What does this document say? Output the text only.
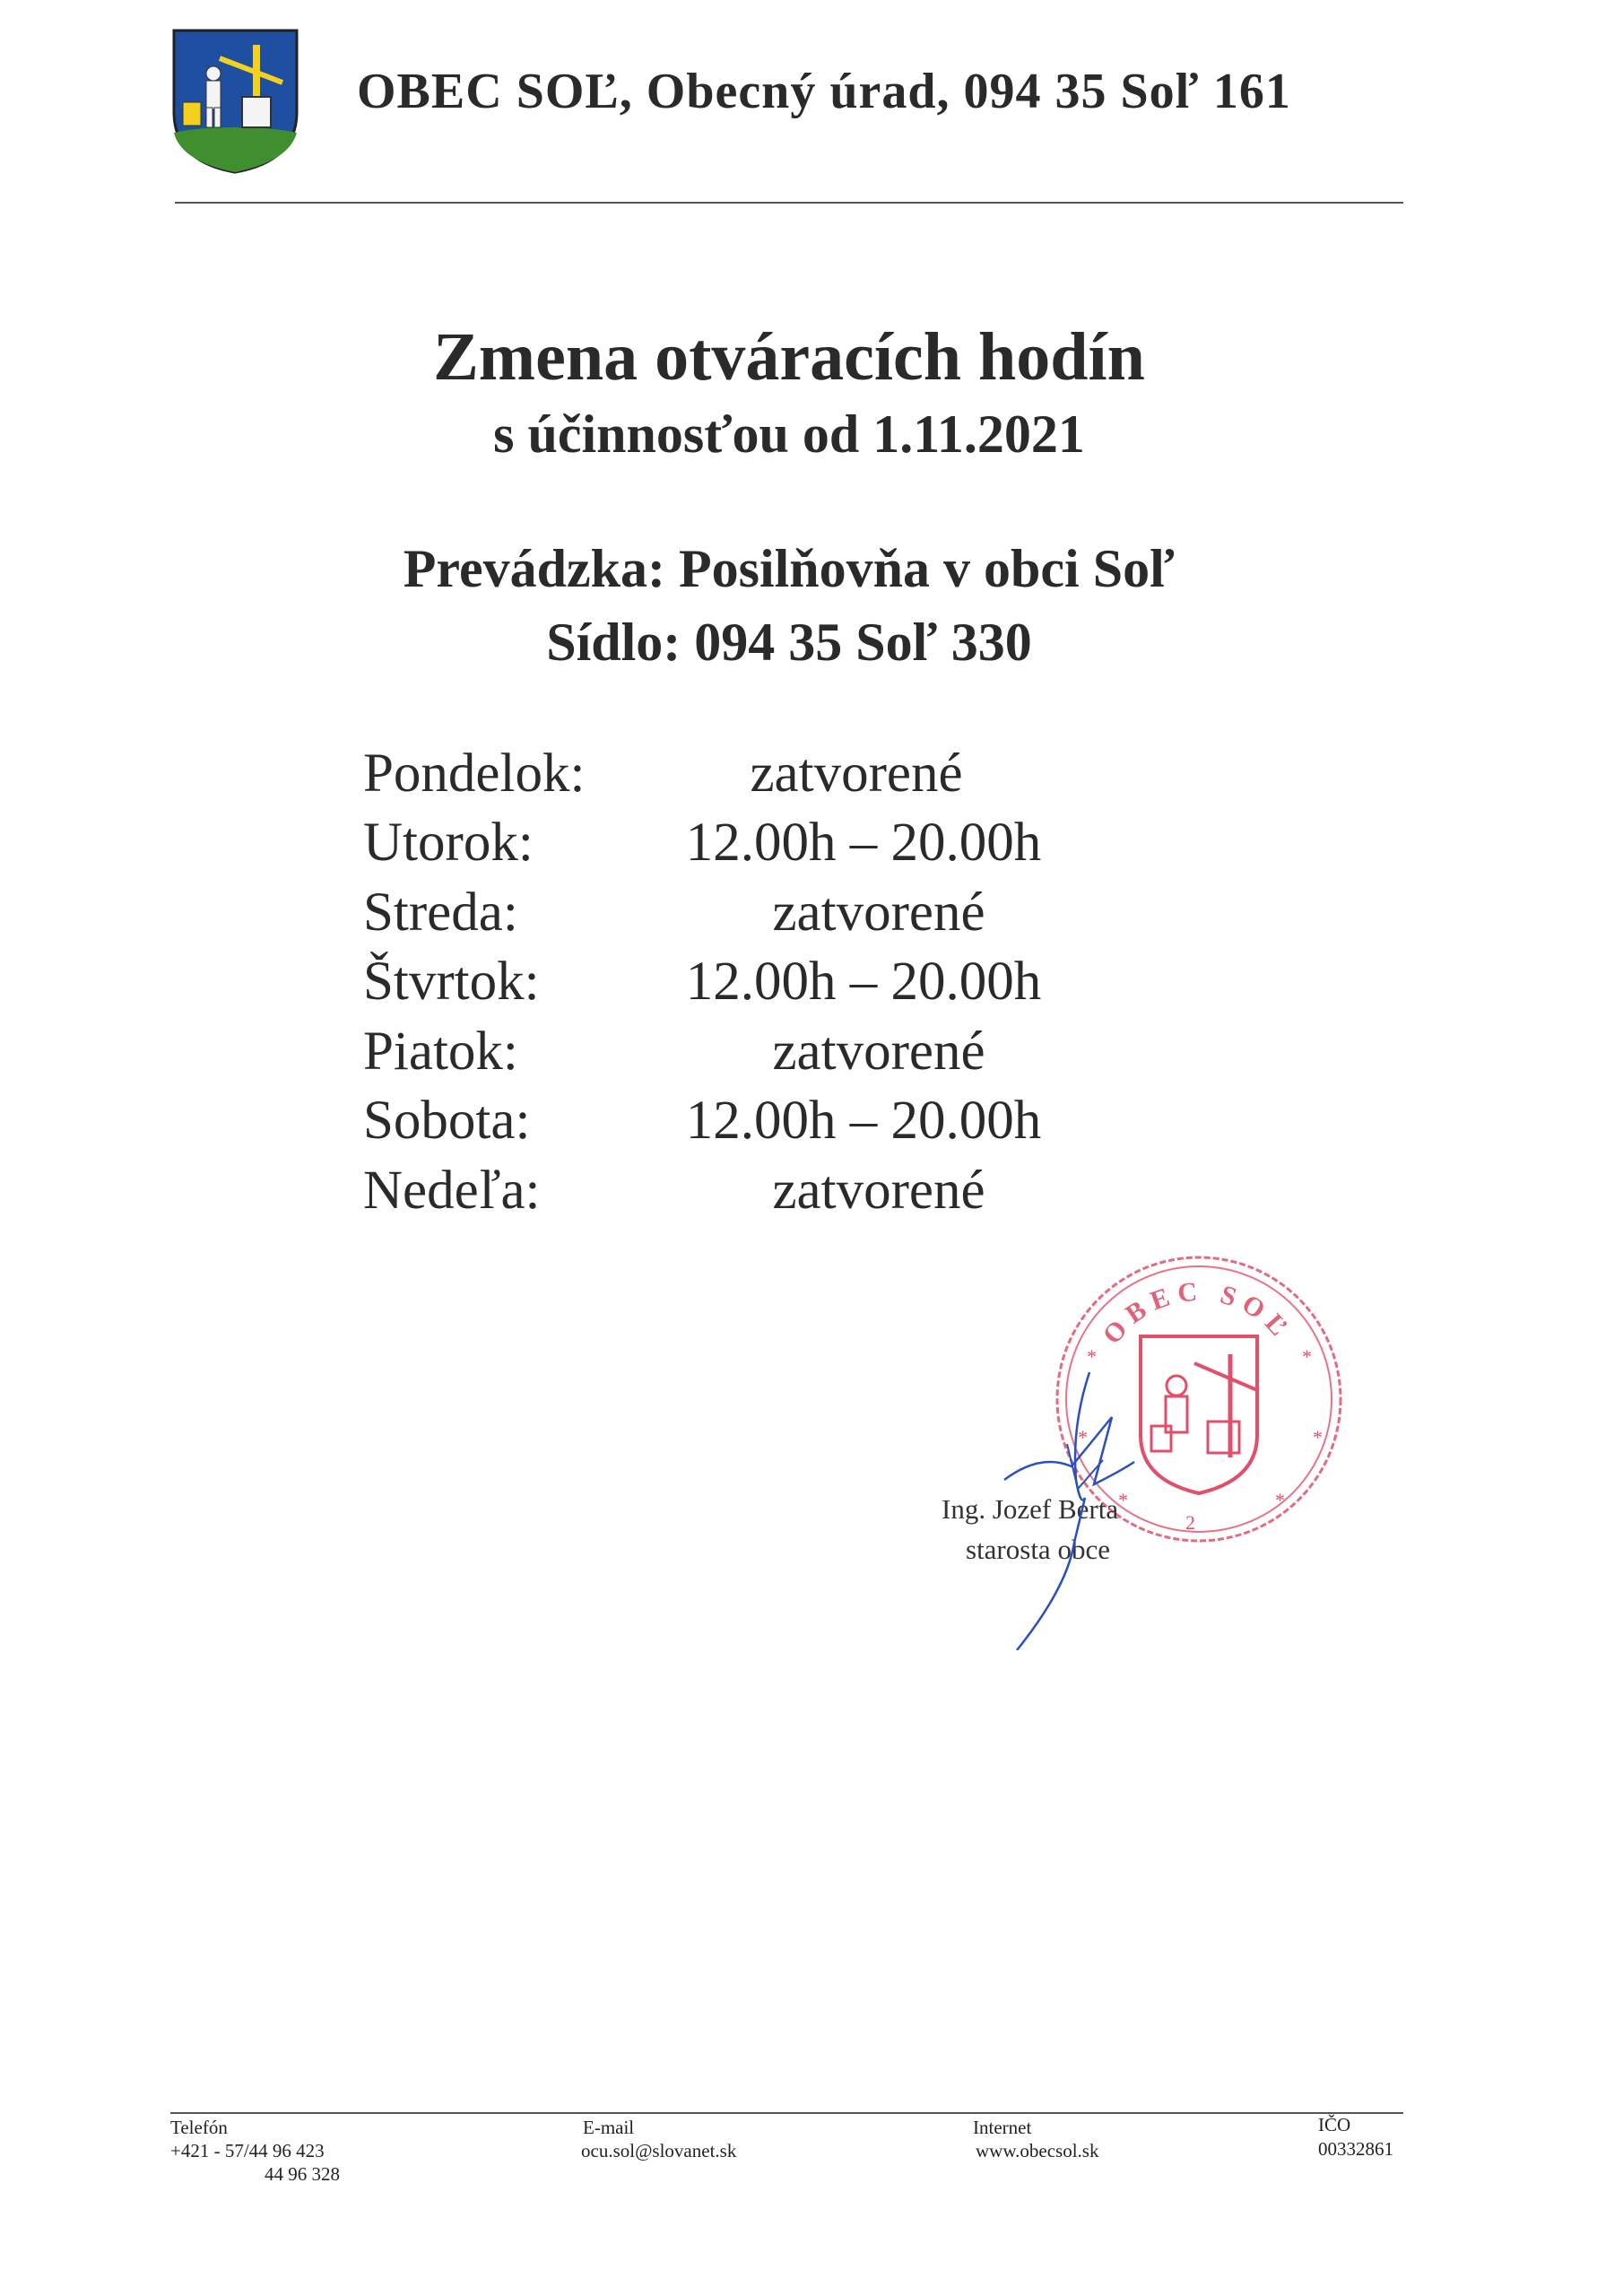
OBEC SOĽ, Obecný úrad, 094 35 Soľ 161
Zmena otváracích hodín
s účinnosťou od 1.11.2021
Prevádzka: Posilňovňa v obci Soľ
Sídlo: 094 35 Soľ 330
Pondelok:	zatvorené
Utorok:	12.00h – 20.00h
Streda:	zatvorené
Štvrtok:	12.00h – 20.00h
Piatok:	zatvorené
Sobota:	12.00h – 20.00h
Nedeľa:	zatvorené
OBEC SOĽ
*	*
*	*
*	*
2
Ing. Jozef Berta
starosta obce
Telefón
+421 - 57/44 96 423
44 96 328
E-mail
ocu.sol@slovanet.sk
Internet
www.obecsol.sk
IČO
00332861
